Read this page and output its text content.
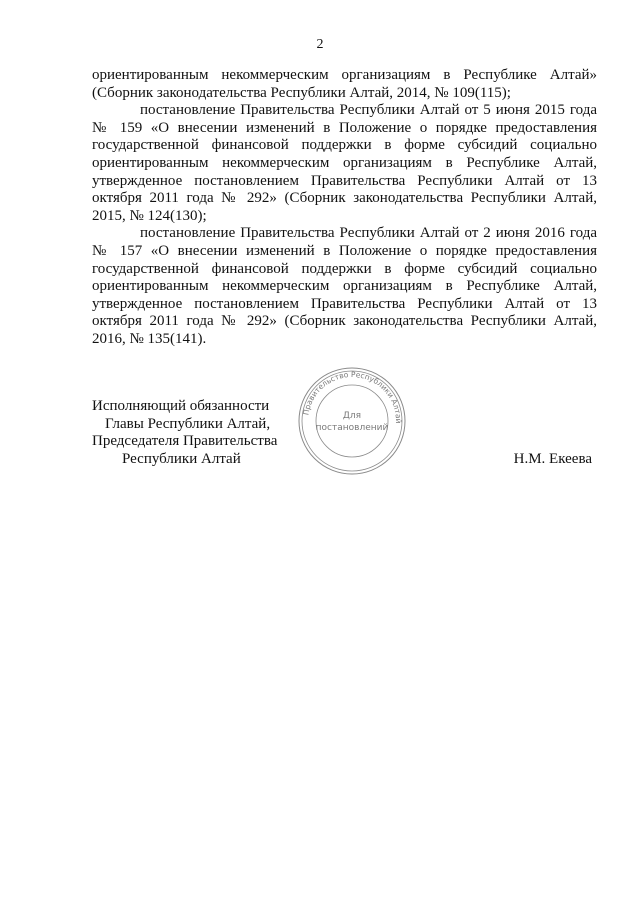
2

ориентированным некоммерческим организациям в Республике Алтай» (Сборник законодательства Республики Алтай, 2014, № 109(115);

постановление Правительства Республики Алтай от 5 июня 2015 года № 159 «О внесении изменений в Положение о порядке предоставления государственной финансовой поддержки в форме субсидий социально ориентированным некоммерческим организациям в Республике Алтай, утвержденное постановлением Правительства Республики Алтай от 13 октября 2011 года № 292» (Сборник законодательства Республики Алтай, 2015, № 124(130);

постановление Правительства Республики Алтай от 2 июня 2016 года № 157 «О внесении изменений в Положение о порядке предоставления государственной финансовой поддержки в форме субсидий социально ориентированным некоммерческим организациям в Республике Алтай, утвержденное постановлением Правительства Республики Алтай от 13 октября 2011 года № 292» (Сборник законодательства Республики Алтай, 2016, № 135(141).

Исполняющий обязанности
Главы Республики Алтай,
Председателя Правительства
Республики Алтай
Правительство Республики Алтай
Для
постановлений
Н.М. Екеева
